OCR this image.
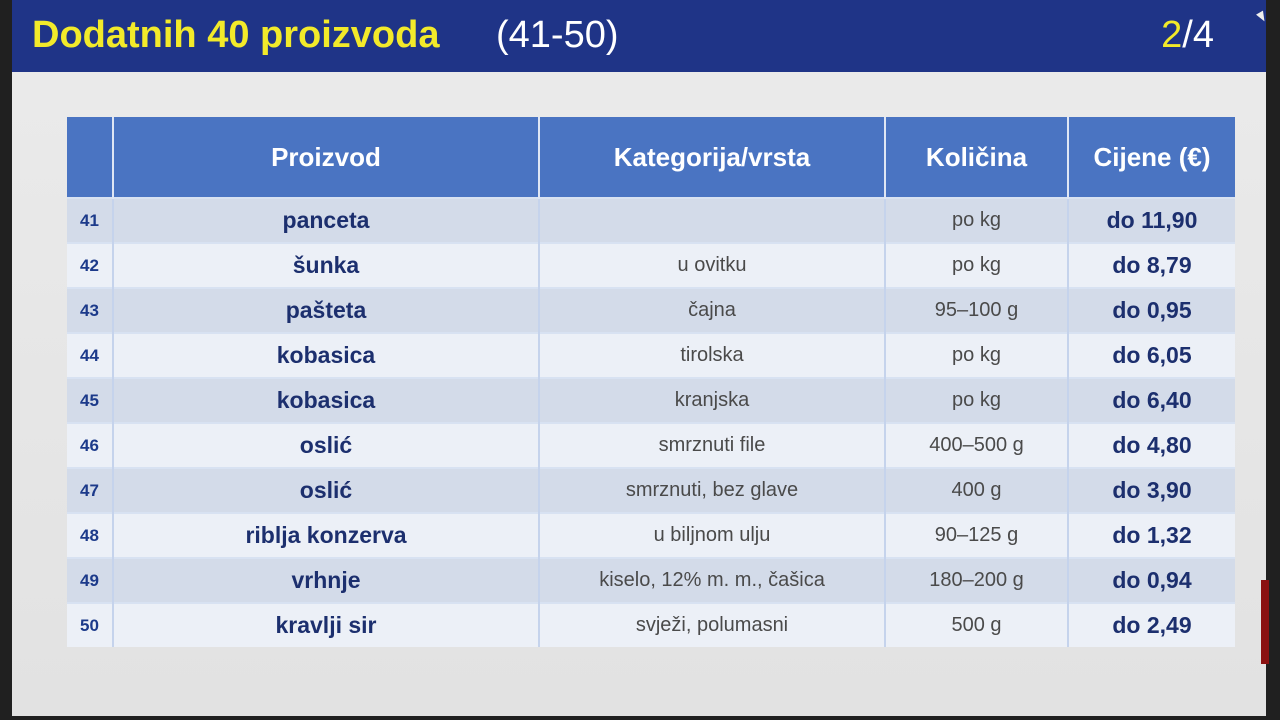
Dodatnih 40 proizvoda (41-50)	2/4
	Proizvod	Kategorija/vrsta	Količina	Cijene (€)
41	panceta		po kg	do 11,90
42	šunka	u ovitku	po kg	do 8,79
43	pašteta	čajna	95–100 g	do 0,95
44	kobasica	tirolska	po kg	do 6,05
45	kobasica	kranjska	po kg	do 6,40
46	oslić	smrznuti file	400–500 g	do 4,80
47	oslić	smrznuti, bez glave	400 g	do 3,90
48	riblja konzerva	u biljnom ulju	90–125 g	do 1,32
49	vrhnje	kiselo, 12% m. m., čašica	180–200 g	do 0,94
50	kravlji sir	svježi, polumasni	500 g	do 2,49
